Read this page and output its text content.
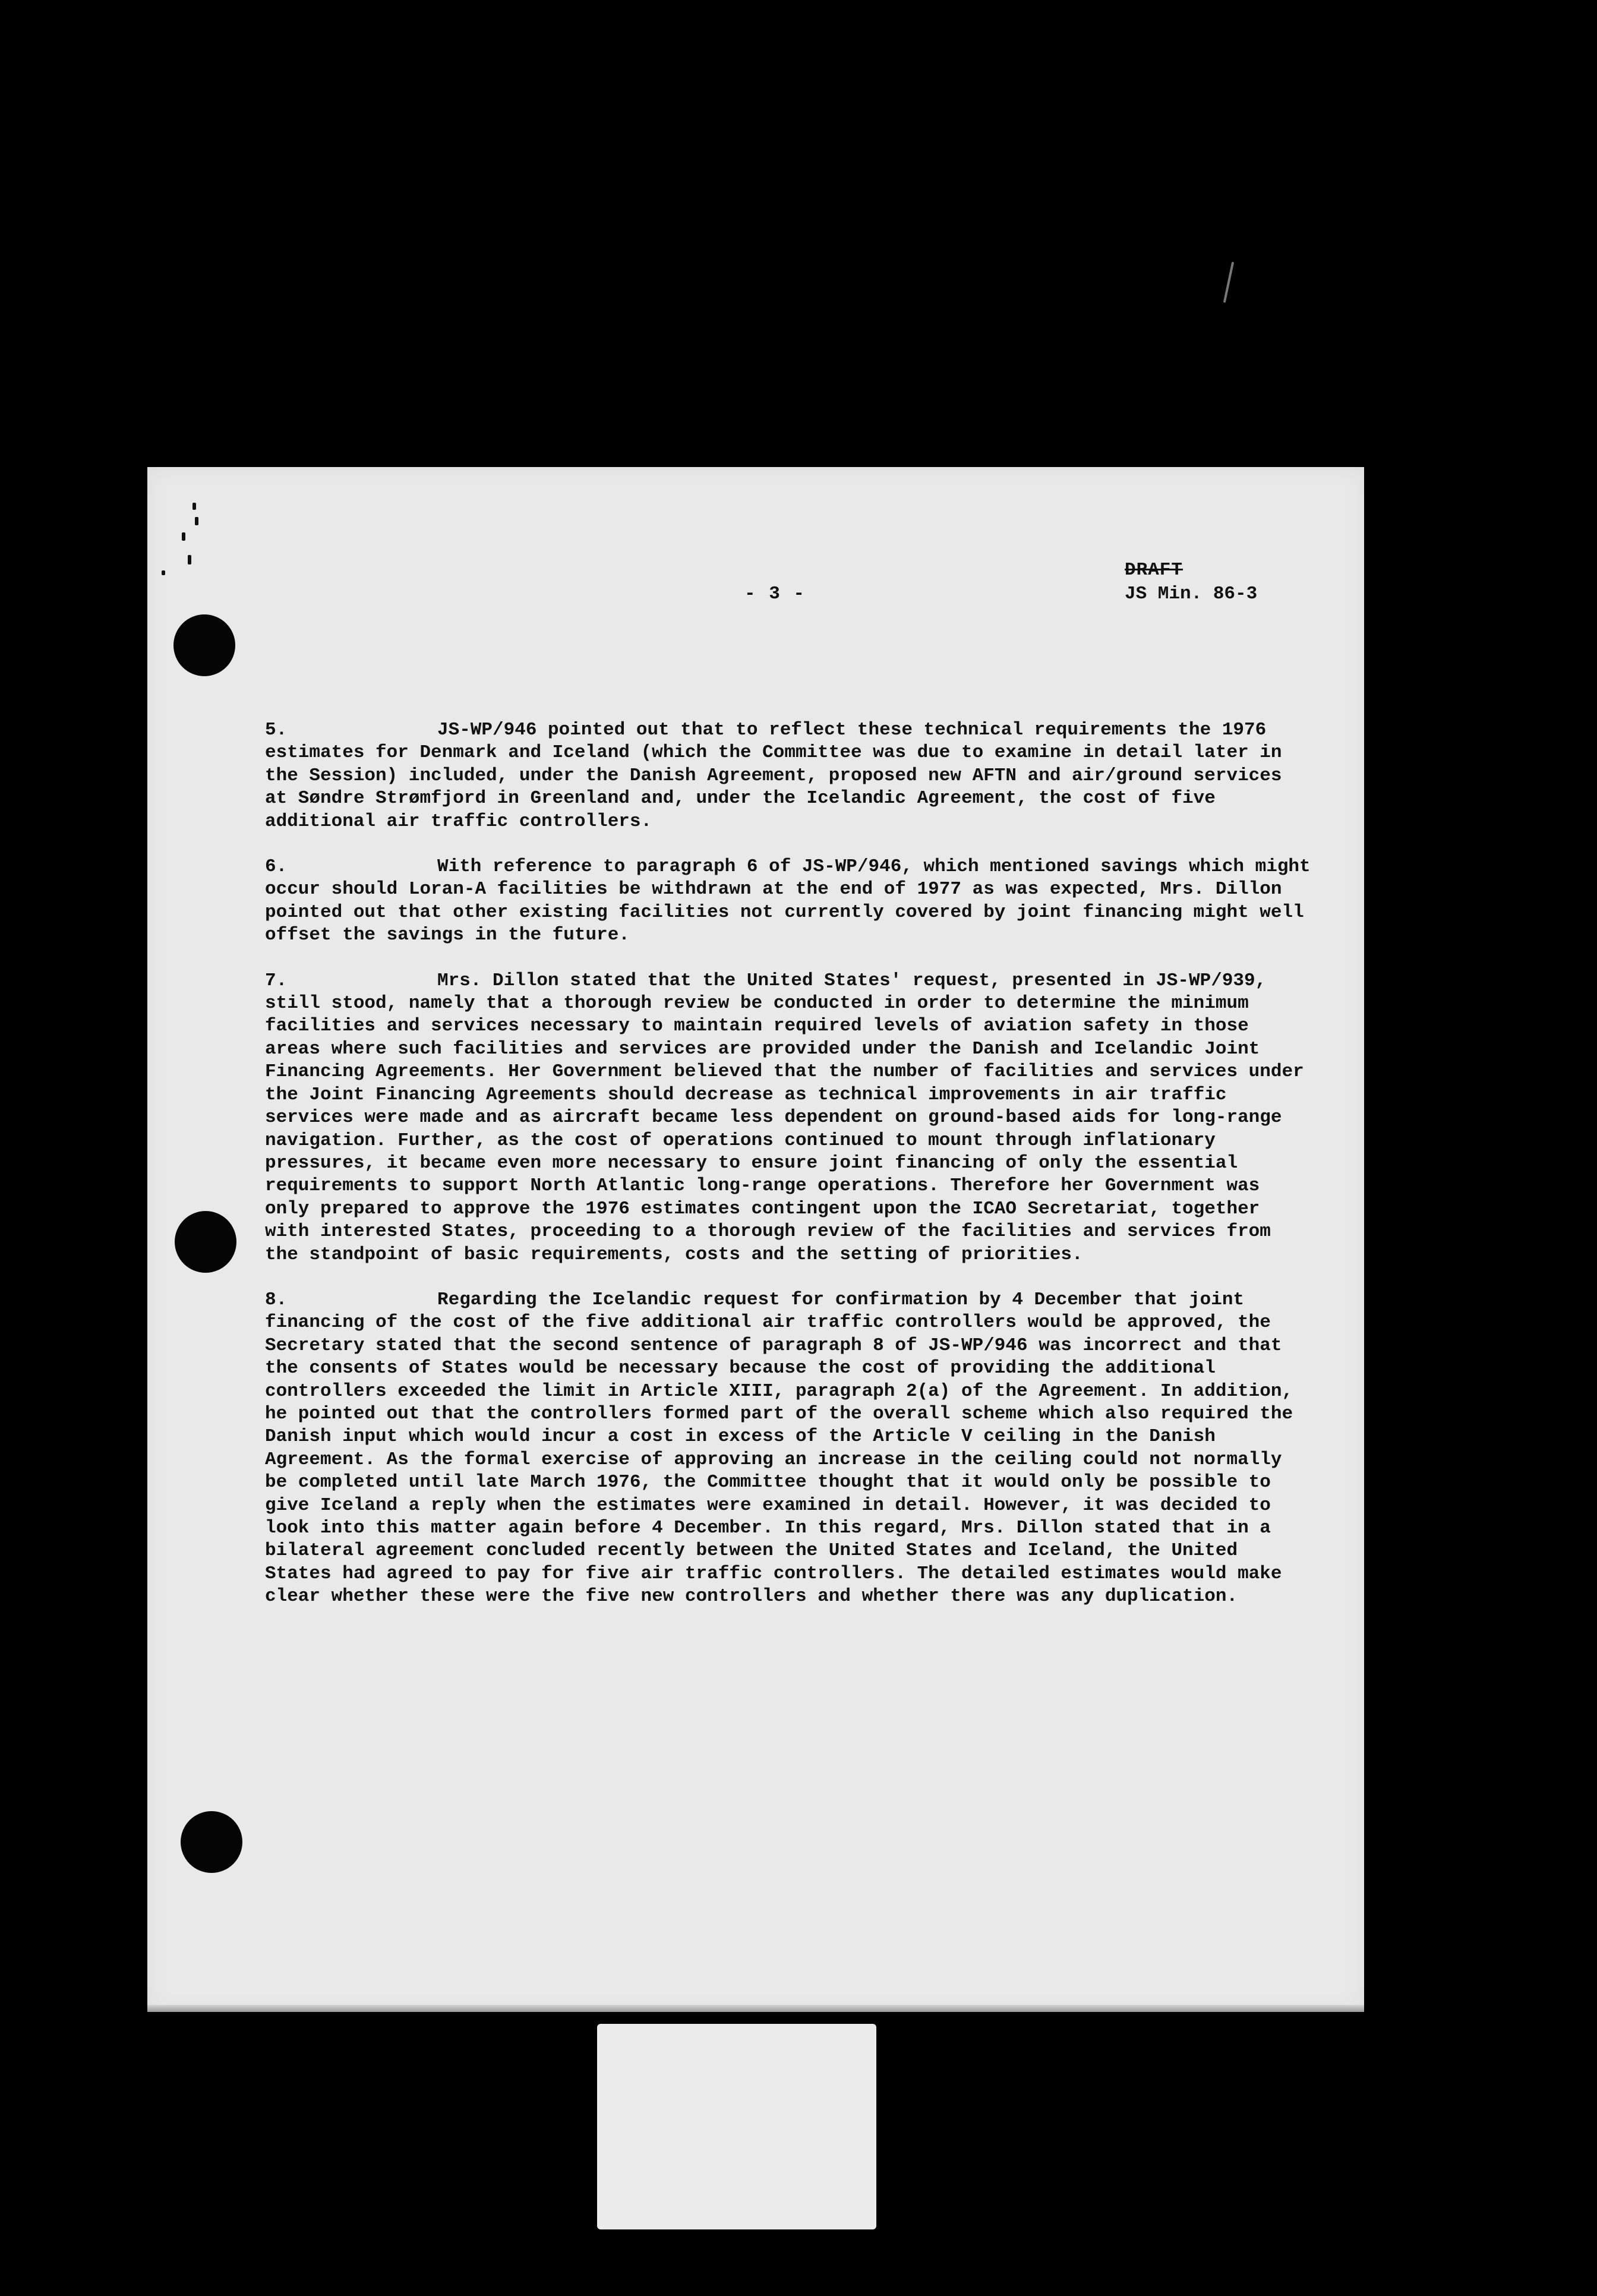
DRAFT
- 3 -	JS Min. 86-3

5.	JS-WP/946 pointed out that to reflect these technical requirements the 1976 estimates for Denmark and Iceland (which the Committee was due to examine in detail later in the Session) included, under the Danish Agreement, proposed new AFTN and air/ground services at Søndre Strømfjord in Greenland and, under the Icelandic Agreement, the cost of five additional air traffic controllers.

6.	With reference to paragraph 6 of JS-WP/946, which mentioned savings which might occur should Loran-A facilities be withdrawn at the end of 1977 as was expected, Mrs. Dillon pointed out that other existing facilities not currently covered by joint financing might well offset the savings in the future.

7.	Mrs. Dillon stated that the United States' request, presented in JS-WP/939, still stood, namely that a thorough review be conducted in order to determine the minimum facilities and services necessary to maintain required levels of aviation safety in those areas where such facilities and services are provided under the Danish and Icelandic Joint Financing Agreements. Her Government believed that the number of facilities and services under the Joint Financing Agreements should decrease as technical improvements in air traffic services were made and as aircraft became less dependent on ground-based aids for long-range navigation. Further, as the cost of operations continued to mount through inflationary pressures, it became even more necessary to ensure joint financing of only the essential requirements to support North Atlantic long-range operations. Therefore her Government was only prepared to approve the 1976 estimates contingent upon the ICAO Secretariat, together with interested States, proceeding to a thorough review of the facilities and services from the standpoint of basic requirements, costs and the setting of priorities.

8.	Regarding the Icelandic request for confirmation by 4 December that joint financing of the cost of the five additional air traffic controllers would be approved, the Secretary stated that the second sentence of paragraph 8 of JS-WP/946 was incorrect and that the consents of States would be necessary because the cost of providing the additional controllers exceeded the limit in Article XIII, paragraph 2(a) of the Agreement. In addition, he pointed out that the controllers formed part of the overall scheme which also required the Danish input which would incur a cost in excess of the Article V ceiling in the Danish Agreement. As the formal exercise of approving an increase in the ceiling could not normally be completed until late March 1976, the Committee thought that it would only be possible to give Iceland a reply when the estimates were examined in detail. However, it was decided to look into this matter again before 4 December. In this regard, Mrs. Dillon stated that in a bilateral agreement concluded recently between the United States and Iceland, the United States had agreed to pay for five air traffic controllers. The detailed estimates would make clear whether these were the five new controllers and whether there was any duplication.
